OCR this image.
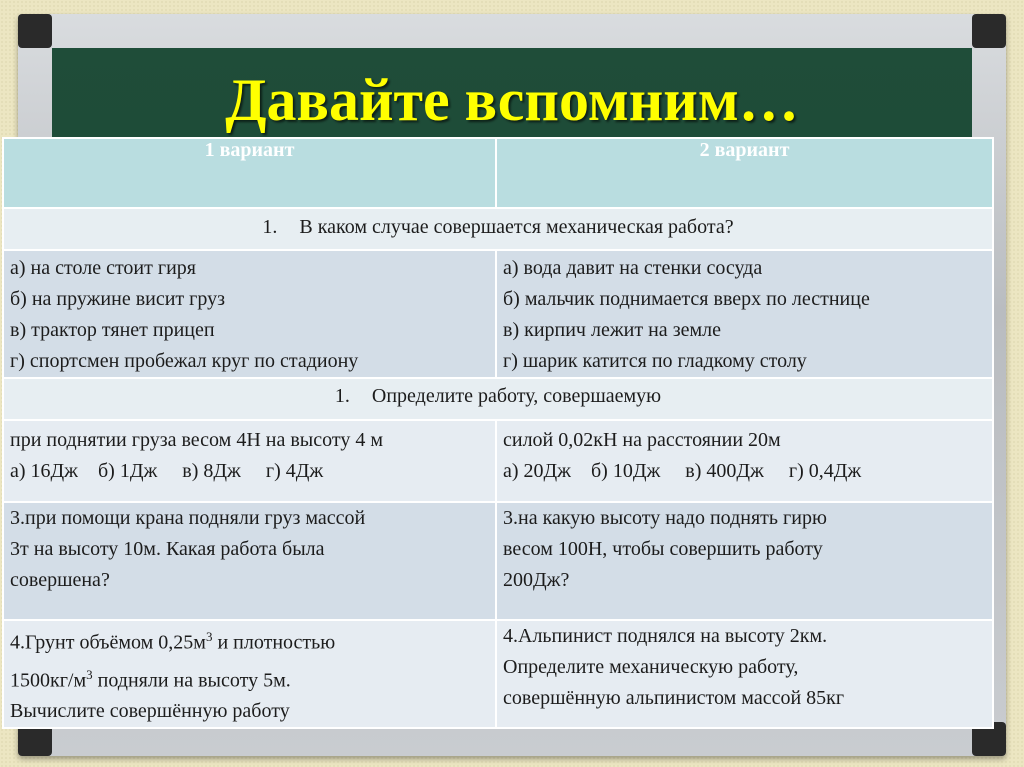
Давайте вспомним…
1 вариант	2 вариант
1. В каком случае совершается механическая работа?	

а) на столе стоит гиря
б) на пружине висит груз
в) трактор тянет прицеп
г) спортсмен пробежал круг по стадиону	а) вода давит на стенки сосуда
б) мальчик поднимается вверх по лестнице
в) кирпич лежит на земле
г) шарик катится по гладкому столу

1. Определите работу, совершаемую	

при поднятии груза весом 4Н на высоту 4 м
а) 16Дж    б) 1Дж     в) 8Дж     г) 4Дж	силой 0,02кН на расстоянии 20м
а) 20Дж    б) 10Дж     в) 400Дж     г) 0,4Дж

3.при помощи крана подняли груз массой
3т на высоту 10м. Какая работа была
совершена?	3.на какую высоту надо поднять гирю
весом 100Н, чтобы совершить работу
200Дж?

4.Грунт объёмом $0,25м^3$ и плотностью
$1500кг/м^3$ подняли на высоту 5м.
Вычислите совершённую работу	4.Альпинист поднялся на высоту 2км.
Определите механическую работу,
совершённую альпинистом массой 85кг
